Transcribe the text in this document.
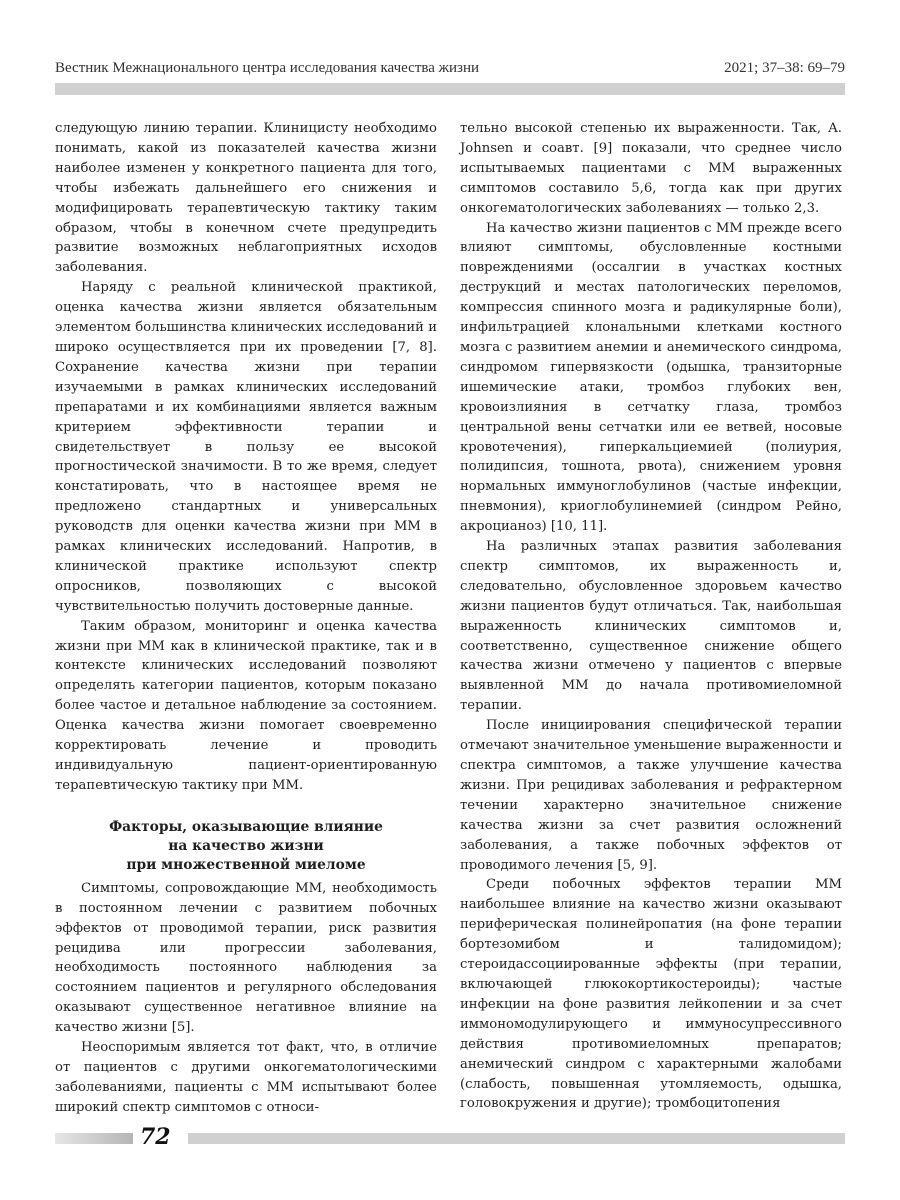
Вестник Межнационального центра исследования качества жизни	2021; 37–38: 69–79

следующую линию терапии. Клиницисту необходимо понимать, какой из показателей качества жизни наиболее изменен у конкретного пациента для того, чтобы избежать дальнейшего его снижения и модифицировать терапевтическую тактику таким образом, чтобы в конечном счете предупредить развитие возможных неблагоприятных исходов заболевания.

Наряду с реальной клинической практикой, оценка качества жизни является обязательным элементом большинства клинических исследований и широко осуществляется при их проведении [7, 8]. Сохранение качества жизни при терапии изучаемыми в рамках клинических исследований препаратами и их комбинациями является важным критерием эффективности терапии и свидетельствует в пользу ее высокой прогностической значимости. В то же время, следует констатировать, что в настоящее время не предложено стандартных и универсальных руководств для оценки качества жизни при ММ в рамках клинических исследований. Напротив, в клинической практике используют спектр опросников, позволяющих с высокой чувствительностью получить достоверные данные.

Таким образом, мониторинг и оценка качества жизни при ММ как в клинической практике, так и в контексте клинических исследований позволяют определять категории пациентов, которым показано более частое и детальное наблюдение за состоянием. Оценка качества жизни помогает своевременно корректировать лечение и проводить индивидуальную пациент-ориентированную терапевтическую тактику при ММ.

Факторы, оказывающие влияние
на качество жизни
при множественной миеломе

Симптомы, сопровождающие ММ, необходимость в постоянном лечении с развитием побочных эффектов от проводимой терапии, риск развития рецидива или прогрессии заболевания, необходимость постоянного наблюдения за состоянием пациентов и регулярного обследования оказывают существенное негативное влияние на качество жизни [5].

Неоспоримым является тот факт, что, в отличие от пациентов с другими онкогематологическими заболеваниями, пациенты с ММ испытывают более широкий спектр симптомов с относи-

тельно высокой степенью их выраженности. Так, A. Johnsen и соавт. [9] показали, что среднее число испытываемых пациентами с ММ выраженных симптомов составило 5,6, тогда как при других онкогематологических заболеваниях — только 2,3.

На качество жизни пациентов с ММ прежде всего влияют симптомы, обусловленные костными повреждениями (оссалгии в участках костных деструкций и местах патологических переломов, компрессия спинного мозга и радикулярные боли), инфильтрацией клональными клетками костного мозга с развитием анемии и анемического синдрома, синдромом гипервязкости (одышка, транзиторные ишемические атаки, тромбоз глубоких вен, кровоизлияния в сетчатку глаза, тромбоз центральной вены сетчатки или ее ветвей, носовые кровотечения), гиперкальциемией (полиурия, полидипсия, тошнота, рвота), снижением уровня нормальных иммуноглобулинов (частые инфекции, пневмония), криоглобулинемией (синдром Рейно, акроцианоз) [10, 11].

На различных этапах развития заболевания спектр симптомов, их выраженность и, следовательно, обусловленное здоровьем качество жизни пациентов будут отличаться. Так, наибольшая выраженность клинических симптомов и, соответственно, существенное снижение общего качества жизни отмечено у пациентов с впервые выявленной ММ до начала противомиеломной терапии.

После инициирования специфической терапии отмечают значительное уменьшение выраженности и спектра симптомов, а также улучшение качества жизни. При рецидивах заболевания и рефрактерном течении характерно значительное снижение качества жизни за счет развития осложнений заболевания, а также побочных эффектов от проводимого лечения [5, 9].

Среди побочных эффектов терапии ММ наибольшее влияние на качество жизни оказывают периферическая полинейропатия (на фоне терапии бортезомибом и талидомидом); стероидассоциированные эффекты (при терапии, включающей глюкокортикостероиды); частые инфекции на фоне развития лейкопении и за счет иммономодулирующего и иммуносупрессивного действия противомиеломных препаратов; анемический синдром с характерными жалобами (слабость, повышенная утомляемость, одышка, головокружения и другие); тромбоцитопения

72
